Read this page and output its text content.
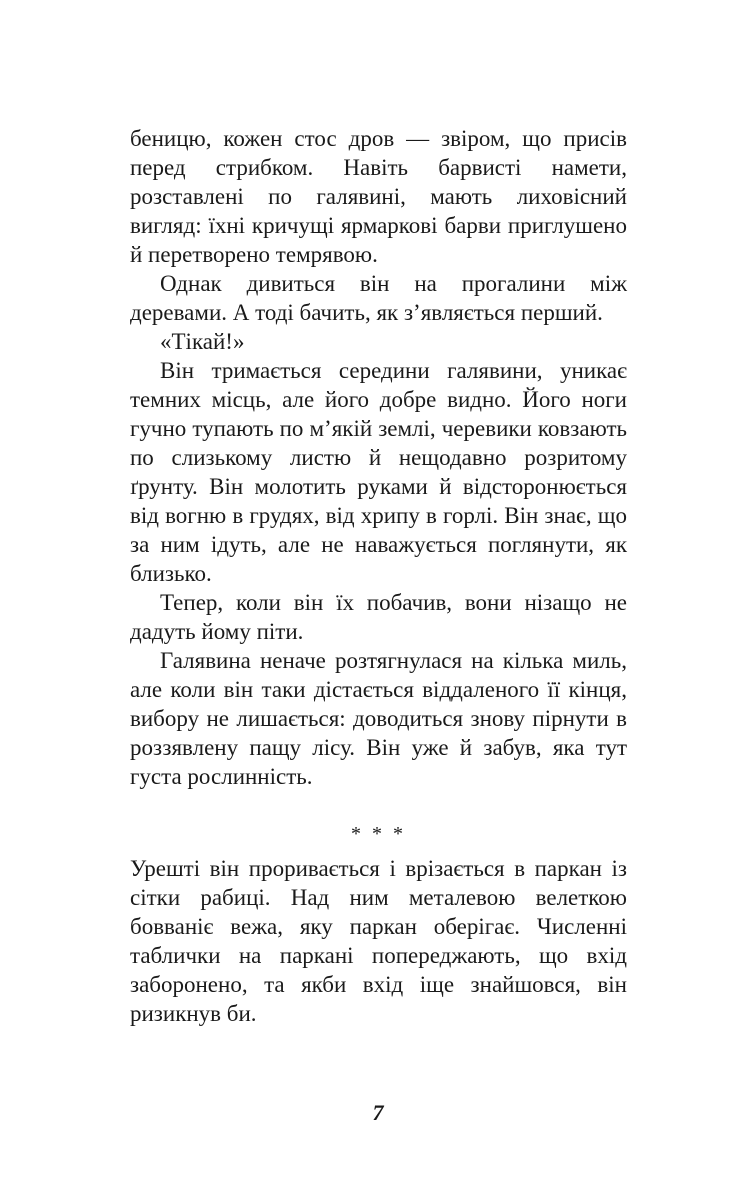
беницю, кожен стос дров — звіром, що присів перед стрибком. Навіть барвисті намети, розставлені по галявині, мають лиховісний вигляд: їхні кричущі ярмаркові барви приглушено й перетворено темрявою.

Однак дивиться він на прогалини між деревами. А тоді бачить, як з’являється перший.

«Тікай!»

Він тримається середини галявини, уникає темних місць, але його добре видно. Його ноги гучно тупають по м’якій землі, черевики ковзають по слизькому листю й нещодавно розритому ґрунту. Він молотить руками й відсторонюється від вогню в грудях, від хрипу в горлі. Він знає, що за ним ідуть, але не наважується поглянути, як близько.

Тепер, коли він їх побачив, вони нізащо не дадуть йому піти.

Галявина неначе розтягнулася на кілька миль, але коли він таки дістається віддаленого її кінця, вибору не лишається: доводиться знову пірнути в роззявлену пащу лісу. Він уже й забув, яка тут густа рослинність.

* * *

Урешті він проривається і врізається в паркан із сітки рабиці. Над ним металевою велеткою бовваніє вежа, яку паркан оберігає. Численні таблички на паркані попереджають, що вхід заборонено, та якби вхід іще знайшовся, він ризикнув би.

7
